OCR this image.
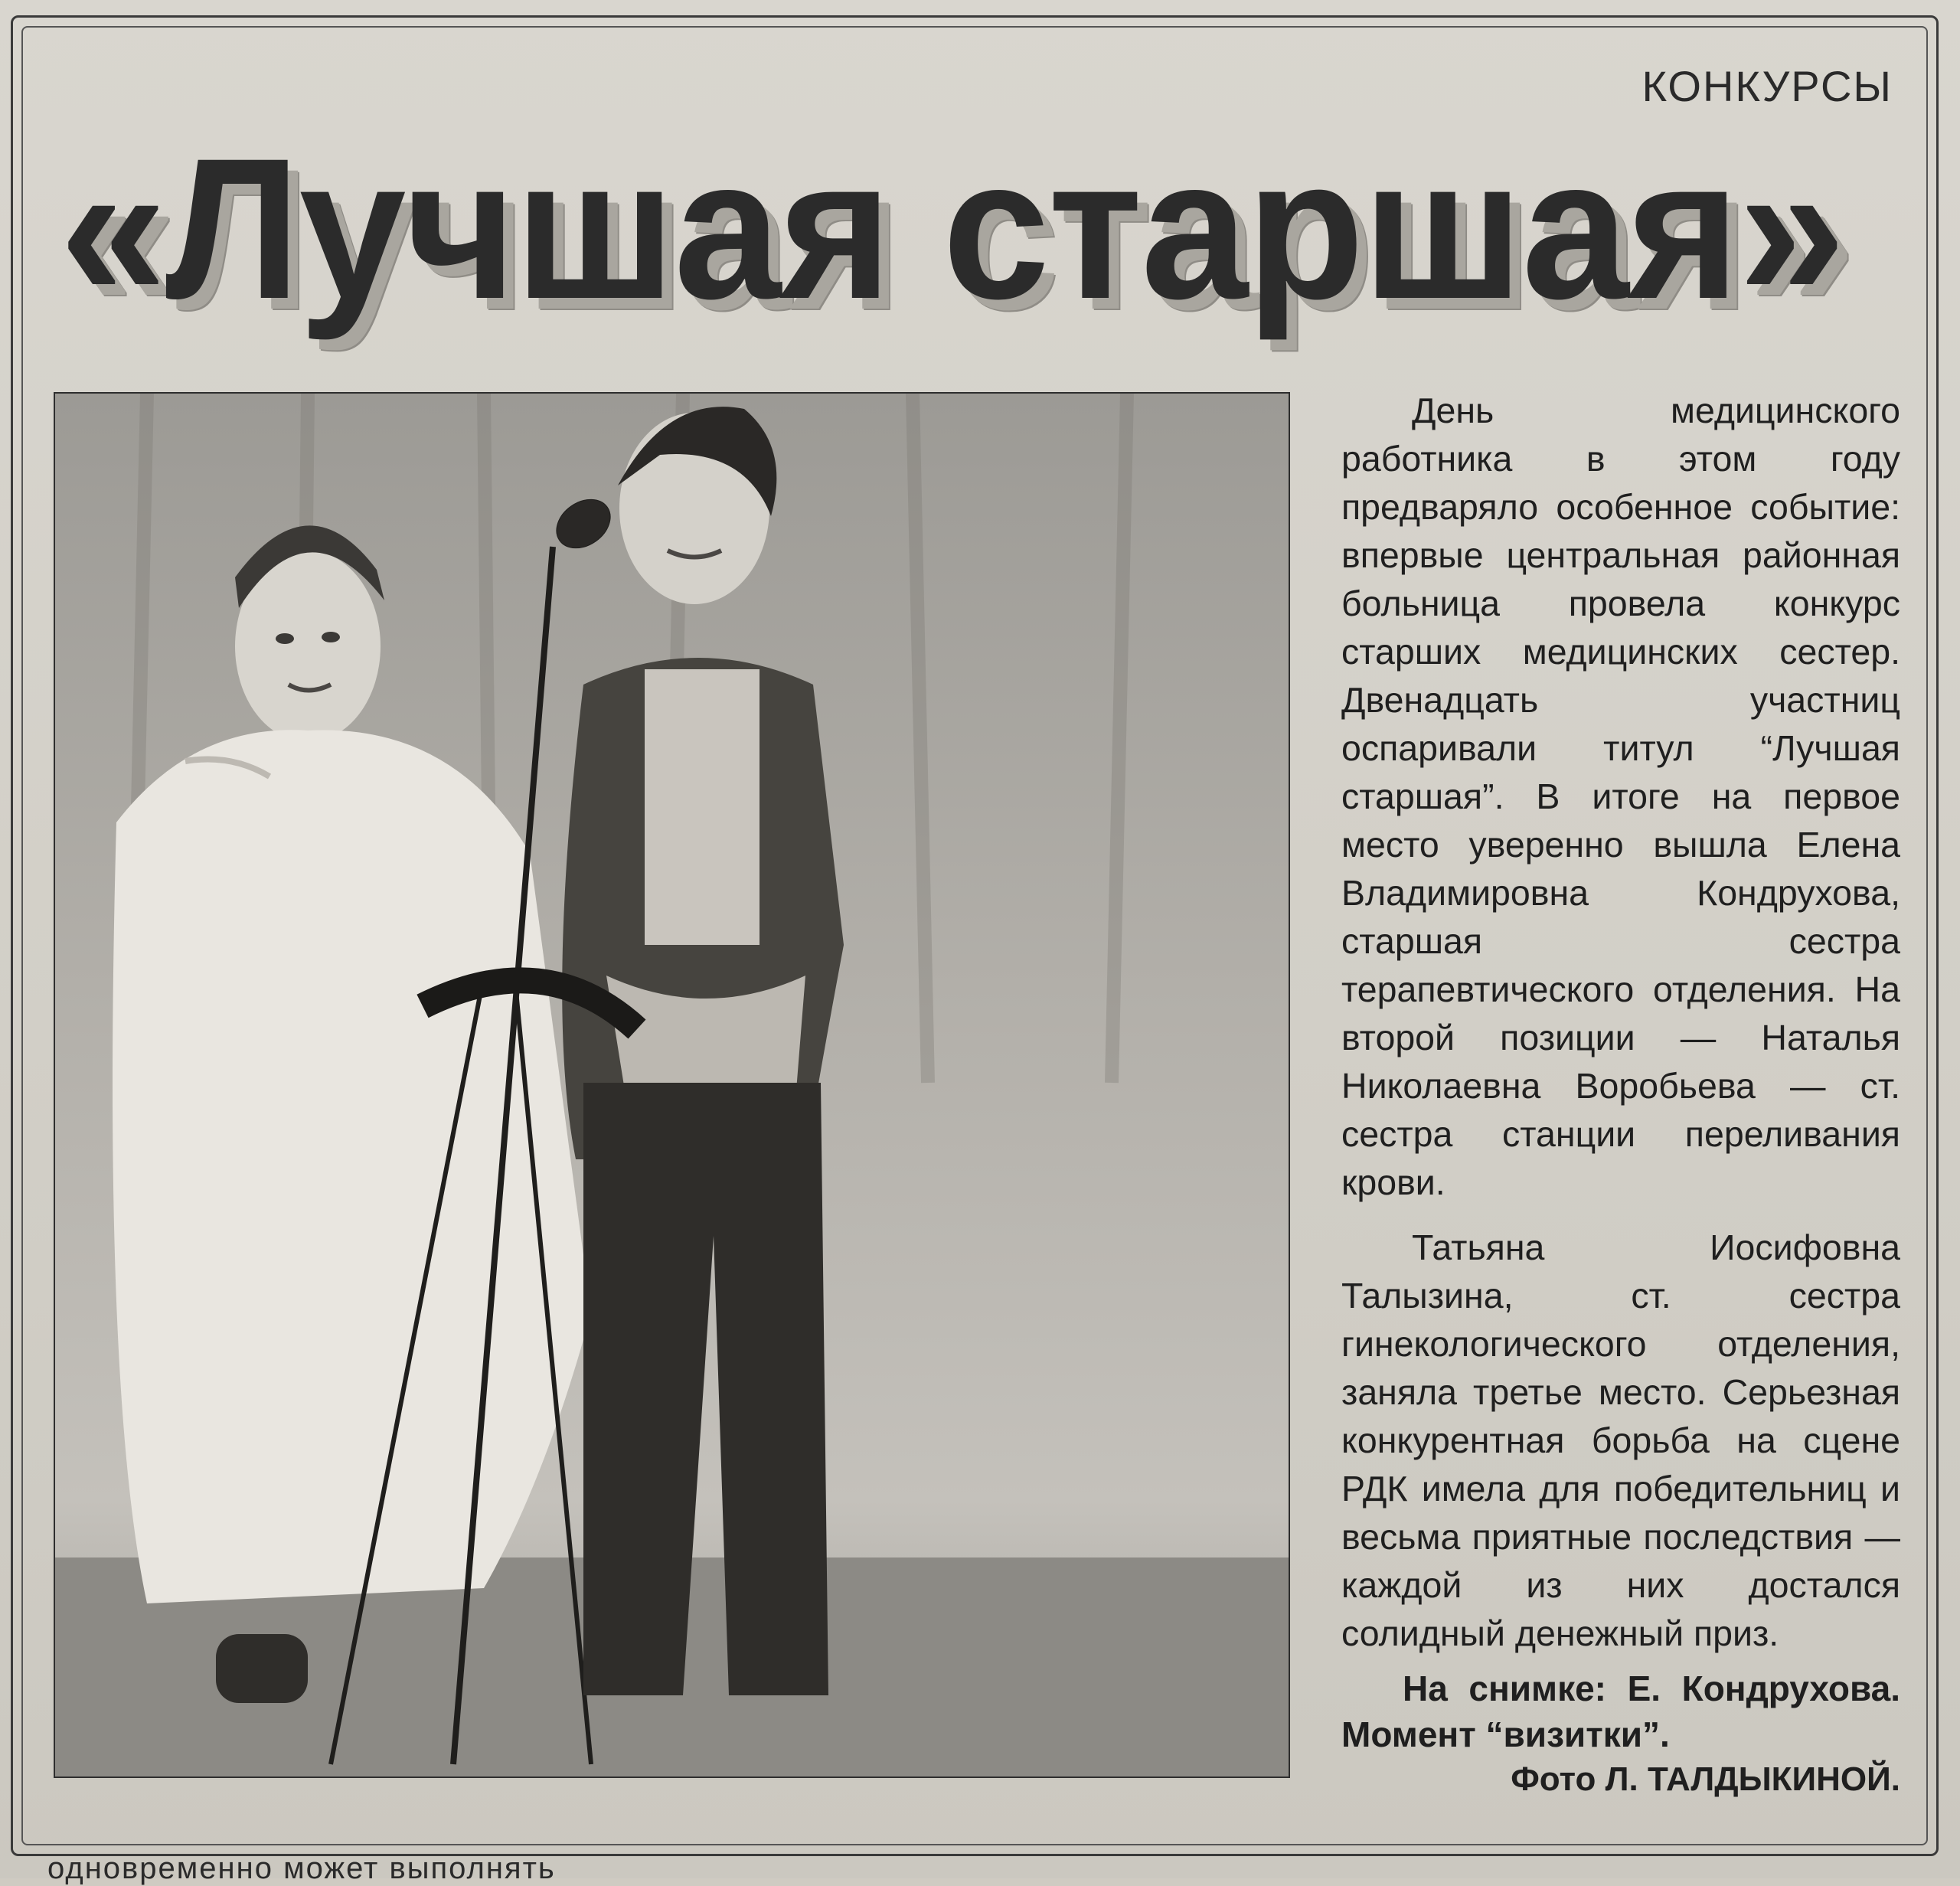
КОНКУРСЫ
«Лучшая старшая»

День медицинского работника в этом году предваряло особенное событие: впервые центральная районная больница провела конкурс старших медицинских сестер. Двенадцать участниц оспаривали титул “Лучшая старшая”. В итоге на первое место уверенно вышла Елена Владимировна Кондрухова, старшая сестра терапевтического отделения. На второй позиции — Наталья Николаевна Воробьева — ст. сестра станции переливания крови.

Татьяна Иосифовна Талызина, ст. сестра гинекологического отделения, заняла третье место. Серьезная конкурентная борьба на сцене РДК имела для победительниц и весьма приятные последствия — каждой из них достался солидный денежный приз.

На снимке: Е. Кондрухова. Момент “визитки”.
Фото Л. ТАЛДЫКИНОЙ.
одновременно может выполнять
